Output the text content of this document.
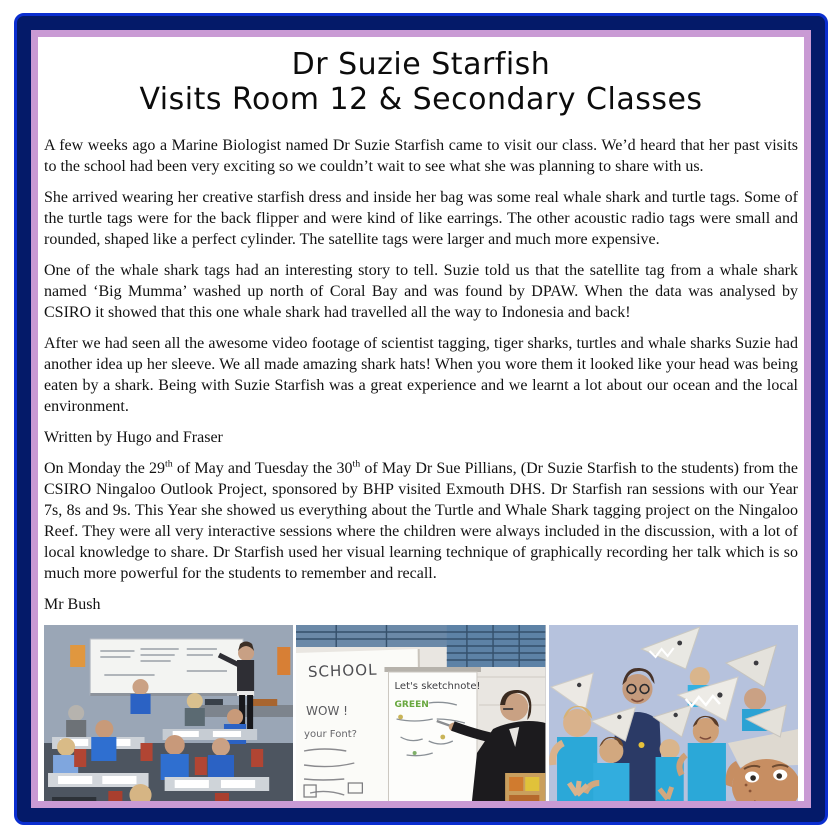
Dr Suzie Starfish
Visits Room 12 & Secondary Classes

A few weeks ago a Marine Biologist named Dr Suzie Starfish came to visit our class. We’d heard that her past visits to the school had been very exciting so we couldn’t wait to see what she was planning to share with us.

She arrived wearing her creative starfish dress and inside her bag was some real whale shark and turtle tags. Some of the turtle tags were for the back flipper and were kind of like earrings. The other acoustic radio tags were small and rounded, shaped like a perfect cylinder. The satellite tags were larger and much more expensive.

One of the whale shark tags had an interesting story to tell. Suzie told us that the satellite tag from a whale shark named ‘Big Mumma’ washed up north of Coral Bay and was found by DPAW. When the data was analysed by CSIRO it showed that this one whale shark had travelled all the way to Indonesia and back!

After we had seen all the awesome video footage of scientist tagging, tiger sharks, turtles and whale sharks Suzie had another idea up her sleeve. We all made amazing shark hats! When you wore them it looked like your head was being eaten by a shark. Being with Suzie Starfish was a great experience and we learnt a lot about our ocean and the local environment.

Written by Hugo and Fraser

On Monday the 29th of May and Tuesday the 30th of May Dr Sue Pillians, (Dr Suzie Starfish to the students) from the CSIRO Ningaloo Outlook Project, sponsored by BHP visited Exmouth DHS. Dr Starfish ran sessions with our Year 7s, 8s and 9s. This Year she showed us everything about the Turtle and Whale Shark tagging project on the Ningaloo Reef. They were all very interactive sessions where the children were always included in the discussion, with a lot of local knowledge to share. Dr Starfish used her visual learning technique of graphically recording her talk which is so much more powerful for the students to remember and recall.

Mr Bush

SCHOOL
WOW !
your Font?
Let's sketchnote!
GREEN
